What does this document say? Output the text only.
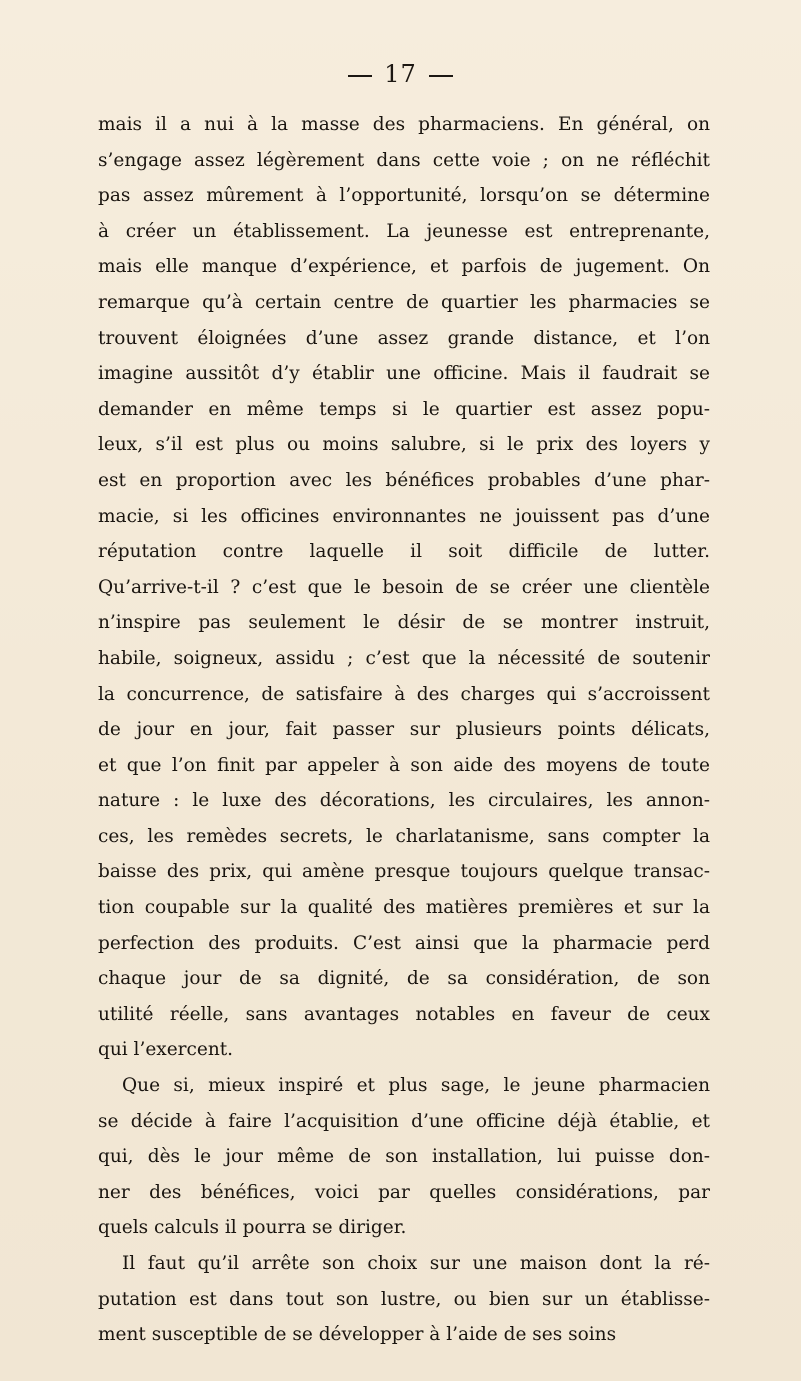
17
mais il a nui à la masse des pharmaciens. En général, on
s’engage assez légèrement dans cette voie ; on ne réfléchit
pas assez mûrement à l’opportunité, lorsqu’on se détermine
à créer un établissement. La jeunesse est entreprenante,
mais elle manque d’expérience, et parfois de jugement. On
remarque qu’à certain centre de quartier les pharmacies se
trouvent éloignées d’une assez grande distance, et l’on
imagine aussitôt d’y établir une officine. Mais il faudrait se
demander en même temps si le quartier est assez popu-
leux, s’il est plus ou moins salubre, si le prix des loyers y
est en proportion avec les bénéfices probables d’une phar-
macie, si les officines environnantes ne jouissent pas d’une
réputation contre laquelle il soit difficile de lutter.
Qu’arrive-t-il ? c’est que le besoin de se créer une clientèle
n’inspire pas seulement le désir de se montrer instruit,
habile, soigneux, assidu ; c’est que la nécessité de soutenir
la concurrence, de satisfaire à des charges qui s’accroissent
de jour en jour, fait passer sur plusieurs points délicats,
et que l’on finit par appeler à son aide des moyens de toute
nature : le luxe des décorations, les circulaires, les annon-
ces, les remèdes secrets, le charlatanisme, sans compter la
baisse des prix, qui amène presque toujours quelque transac-
tion coupable sur la qualité des matières premières et sur la
perfection des produits. C’est ainsi que la pharmacie perd
chaque jour de sa dignité, de sa considération, de son
utilité réelle, sans avantages notables en faveur de ceux
qui l’exercent.
Que si, mieux inspiré et plus sage, le jeune pharmacien
se décide à faire l’acquisition d’une officine déjà établie, et
qui, dès le jour même de son installation, lui puisse don-
ner des bénéfices, voici par quelles considérations, par
quels calculs il pourra se diriger.
Il faut qu’il arrête son choix sur une maison dont la ré-
putation est dans tout son lustre, ou bien sur un établisse-
ment susceptible de se développer à l’aide de ses soins
